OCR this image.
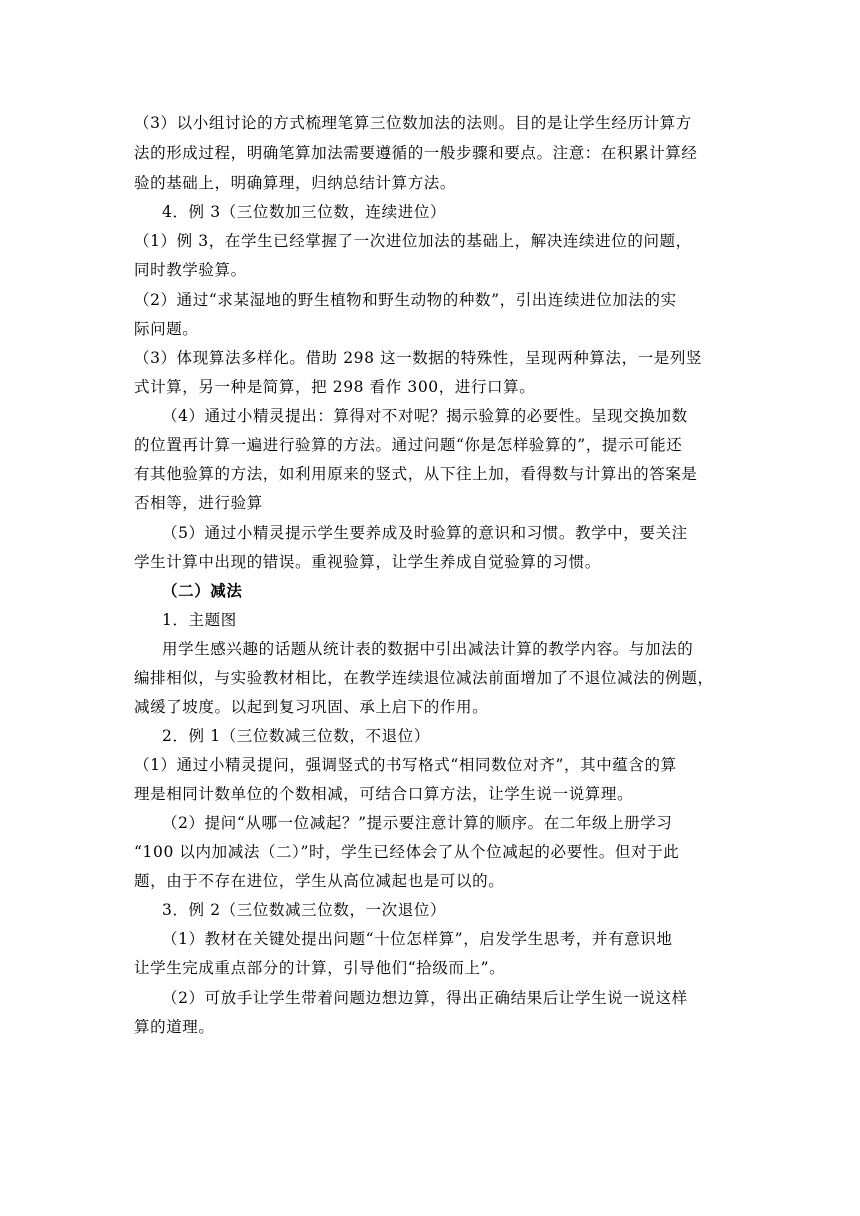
（3）以小组讨论的方式梳理笔算三位数加法的法则。目的是让学生经历计算方
法的形成过程，明确笔算加法需要遵循的一般步骤和要点。注意：在积累计算经
验的基础上，明确算理，归纳总结计算方法。
4．例 3（三位数加三位数，连续进位）
（1）例 3，在学生已经掌握了一次进位加法的基础上，解决连续进位的问题，
同时教学验算。
（2）通过“求某湿地的野生植物和野生动物的种数”，引出连续进位加法的实
际问题。
（3）体现算法多样化。借助 298 这一数据的特殊性，呈现两种算法，一是列竖
式计算，另一种是简算，把 298 看作 300，进行口算。
（4）通过小精灵提出：算得对不对呢？揭示验算的必要性。呈现交换加数
的位置再计算一遍进行验算的方法。通过问题“你是怎样验算的”，提示可能还
有其他验算的方法，如利用原来的竖式，从下往上加，看得数与计算出的答案是
否相等，进行验算
（5）通过小精灵提示学生要养成及时验算的意识和习惯。教学中，要关注
学生计算中出现的错误。重视验算，让学生养成自觉验算的习惯。
（二）减法
1．主题图
用学生感兴趣的话题从统计表的数据中引出减法计算的教学内容。与加法的
编排相似，与实验教材相比，在教学连续退位减法前面增加了不退位减法的例题，
减缓了坡度。以起到复习巩固、承上启下的作用。
2．例 1（三位数减三位数，不退位）
（1）通过小精灵提问，强调竖式的书写格式“相同数位对齐”，其中蕴含的算
理是相同计数单位的个数相减，可结合口算方法，让学生说一说算理。
（2）提问“从哪一位减起？”提示要注意计算的顺序。在二年级上册学习
“100 以内加减法（二）”时，学生已经体会了从个位减起的必要性。但对于此
题，由于不存在进位，学生从高位减起也是可以的。
3．例 2（三位数减三位数，一次退位）
（1）教材在关键处提出问题“十位怎样算”，启发学生思考，并有意识地
让学生完成重点部分的计算，引导他们“拾级而上”。
（2）可放手让学生带着问题边想边算，得出正确结果后让学生说一说这样
算的道理。
